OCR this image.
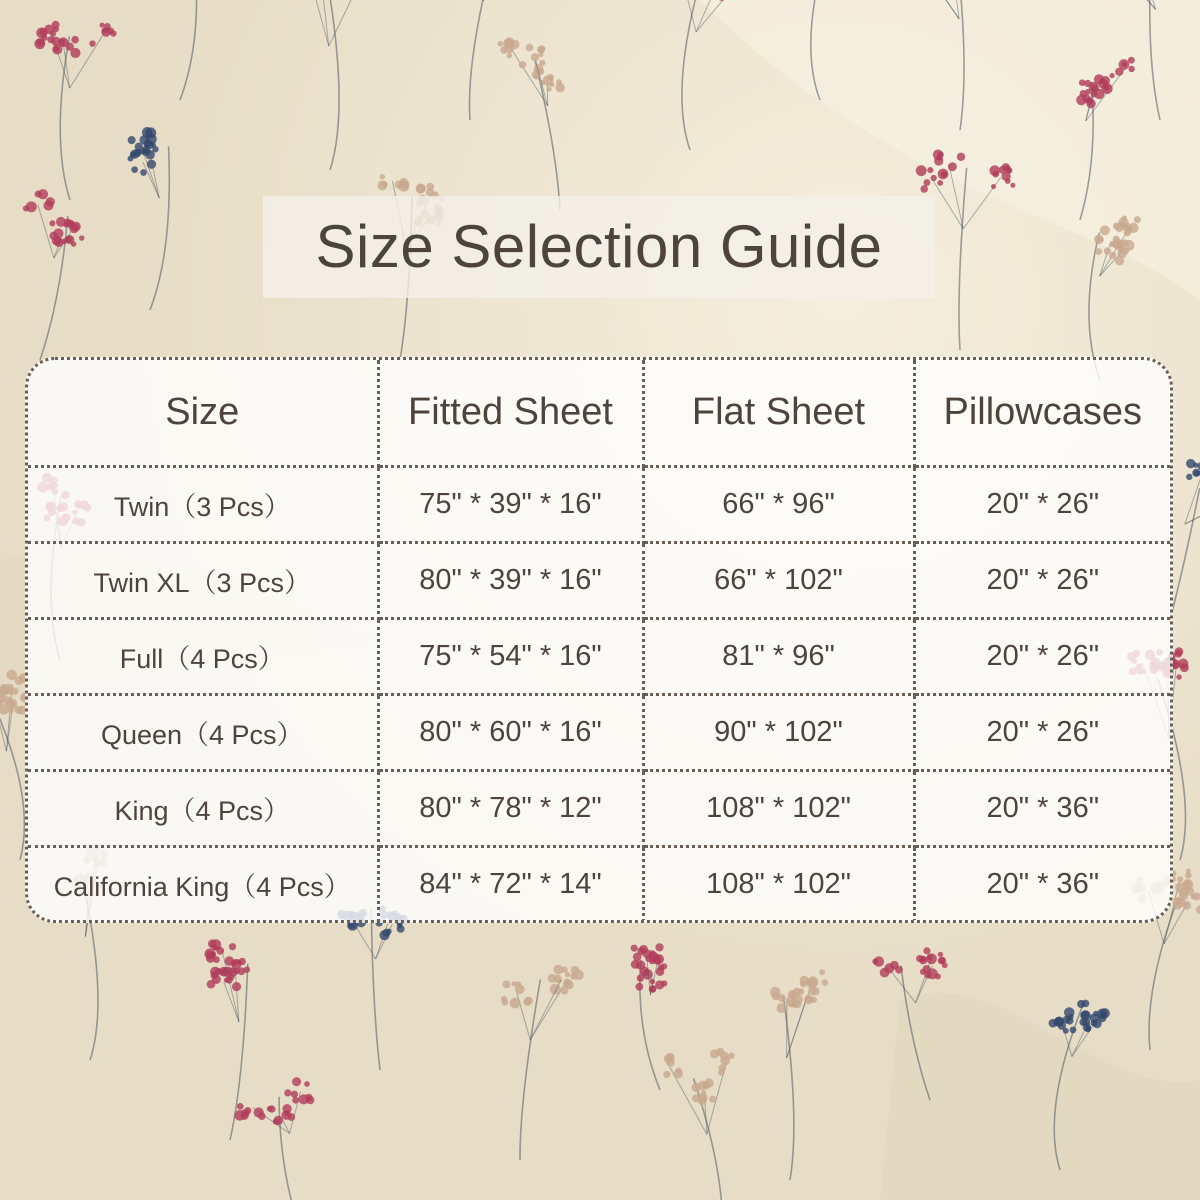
Size Selection Guide
Size	Fitted Sheet	Flat Sheet	Pillowcases
Twin（3 Pcs）	75" * 39" * 16"	66" * 96"	20" * 26"
Twin XL（3 Pcs）	80" * 39" * 16"	66" * 102"	20" * 26"
Full（4 Pcs）	75" * 54" * 16"	81" * 96"	20" * 26"
Queen（4 Pcs）	80" * 60" * 16"	90" * 102"	20" * 26"
King（4 Pcs）	80" * 78" * 12"	108" * 102"	20" * 36"
California King（4 Pcs）	84" * 72" * 14"	108" * 102"	20" * 36"
